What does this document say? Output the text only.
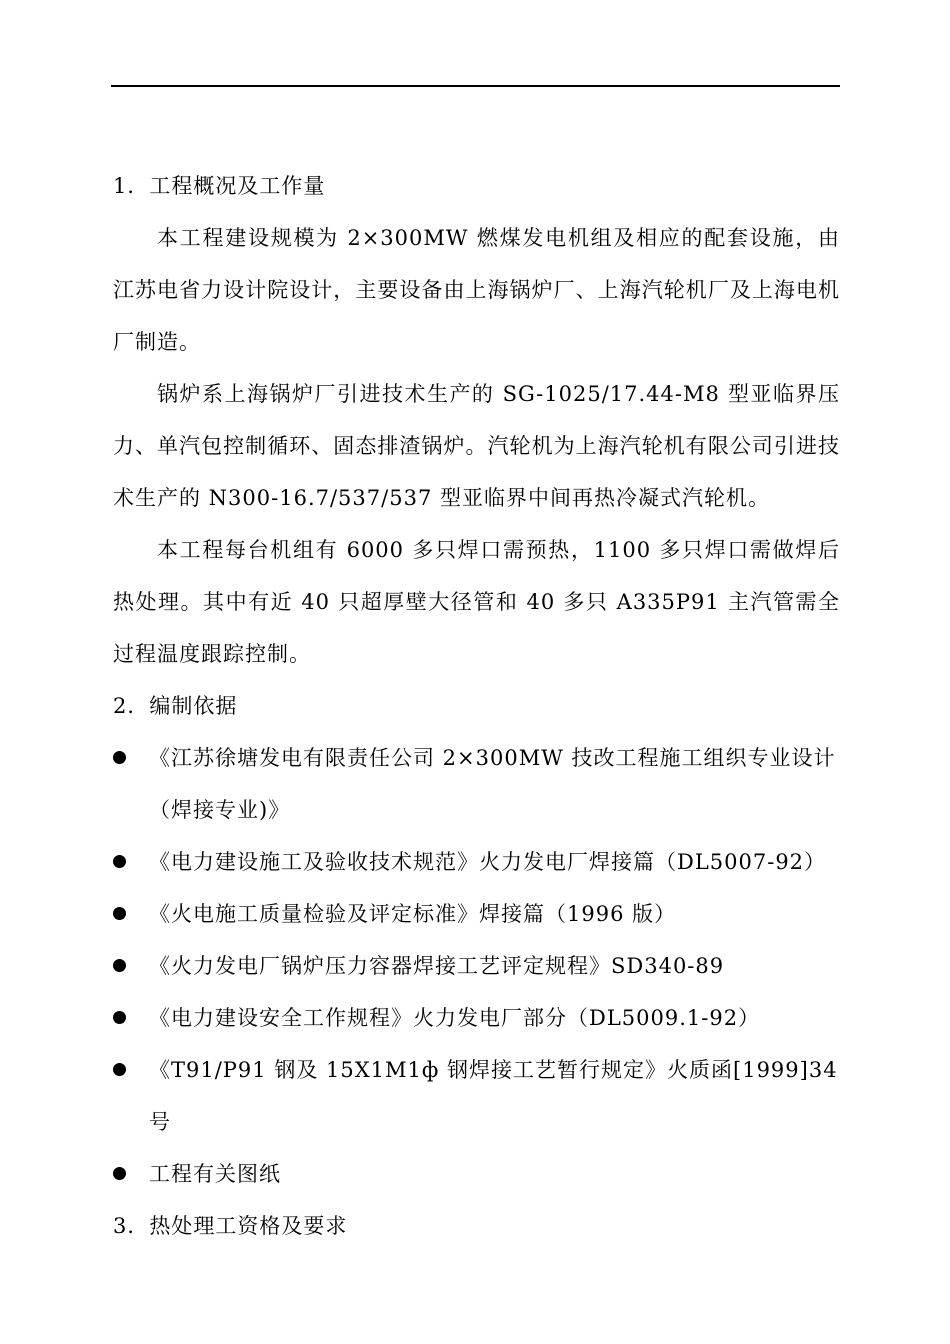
1．工程概况及工作量

本工程建设规模为 2×300MW 燃煤发电机组及相应的配套设施，由江苏电省力设计院设计，主要设备由上海锅炉厂、上海汽轮机厂及上海电机厂制造。

锅炉系上海锅炉厂引进技术生产的 SG-1025/17.44-M8 型亚临界压力、单汽包控制循环、固态排渣锅炉。汽轮机为上海汽轮机有限公司引进技术生产的 N300-16.7/537/537 型亚临界中间再热冷凝式汽轮机。

本工程每台机组有 6000 多只焊口需预热，1100 多只焊口需做焊后热处理。其中有近 40 只超厚壁大径管和 40 多只 A335P91 主汽管需全过程温度跟踪控制。

2．编制依据

《江苏徐塘发电有限责任公司 2×300MW 技改工程施工组织专业设计（焊接专业)》
《电力建设施工及验收技术规范》火力发电厂焊接篇（DL5007-92）
《火电施工质量检验及评定标准》焊接篇（1996 版）
《火力发电厂锅炉压力容器焊接工艺评定规程》SD340-89
《电力建设安全工作规程》火力发电厂部分（DL5009.1-92）
《T91/P91 钢及 15X1M1ф 钢焊接工艺暂行规定》火质函[1999]34 号
工程有关图纸

3．热处理工资格及要求
